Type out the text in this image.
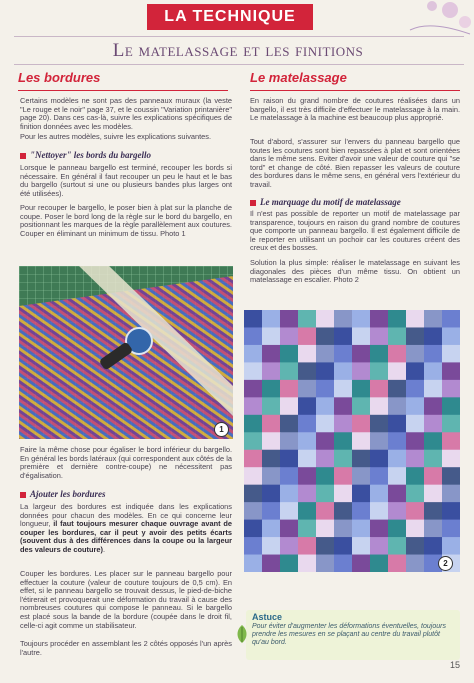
LA TECHNIQUE
Le matelassage et les finitions
Les bordures
Certains modèles ne sont pas des panneaux muraux (la veste "Le rouge et le noir" page 37, et le coussin "Variation printanière" page 20). Dans ces cas-là, suivre les explications spécifiques de finition données avec les modèles.
Pour les autres modèles, suivre les explications suivantes.
"Nettoyer" les bords du bargello
Lorsque le panneau bargello est terminé, recouper les bords si nécessaire. En général il faut recouper un peu le haut et le bas du bargello (surtout si une ou plusieurs bandes plus larges ont été utilisées).
Pour recouper le bargello, le poser bien à plat sur la planche de coupe. Poser le bord long de la règle sur le bord du bargello, en positionnant les marques de la règle parallèlement aux coutures. Couper en éliminant un minimum de tissu. Photo 1
1
Faire la même chose pour égaliser le bord inférieur du bargello. En général les bords latéraux (qui correspondent aux côtés de la première et dernière contre-coupe) ne nécessitent pas d'égalisation.
Ajouter les bordures
La largeur des bordures est indiquée dans les explications données pour chacun des modèles. En ce qui concerne leur longueur, il faut toujours mesurer chaque ouvrage avant de couper les bordures, car il peut y avoir des petits écarts (souvent dus à des différences dans la coupe ou la largeur des valeurs de couture).
Couper les bordures. Les placer sur le panneau bargello pour effectuer la couture (valeur de couture toujours de 0,5 cm). En effet, si le panneau bargello se trouvait dessus, le pied-de-biche l'étirerait et provoquerait une déformation du travail à cause des nombreuses coutures qui compose le panneau. Si le bargello est placé sous la bande de la bordure (coupée dans le droit fil, celle-ci agit comme un stabilisateur.
Toujours procéder en assemblant les 2 côtés opposés l'un après l'autre.
Le matelassage
En raison du grand nombre de coutures réalisées dans un bargello, il est très difficile d'effectuer le matelassage à la main. Le matelassage à la machine est beaucoup plus approprié.
Tout d'abord, s'assurer sur l'envers du panneau bargello que toutes les coutures sont bien repassées à plat et sont orientées dans le même sens. Eviter d'avoir une valeur de couture qui "se tord" et change de côté. Bien repasser les valeurs de couture des bordures dans le même sens, en général vers l'extérieur du travail.
Le marquage du motif de matelassage
Il n'est pas possible de reporter un motif de matelassage par transparence, toujours en raison du grand nombre de coutures que comporte un panneau bargello. Il est également difficile de le reporter en utilisant un pochoir car les coutures créent des creux et des bosses.
Solution la plus simple: réaliser le matelassage en suivant les diagonales des pièces d'un même tissu. On obtient un matelassage en escalier. Photo 2
2
Astuce
Pour éviter d'augmenter les déformations éventuelles, toujours prendre les mesures en se plaçant au centre du travail plutôt qu'au bord.
15
